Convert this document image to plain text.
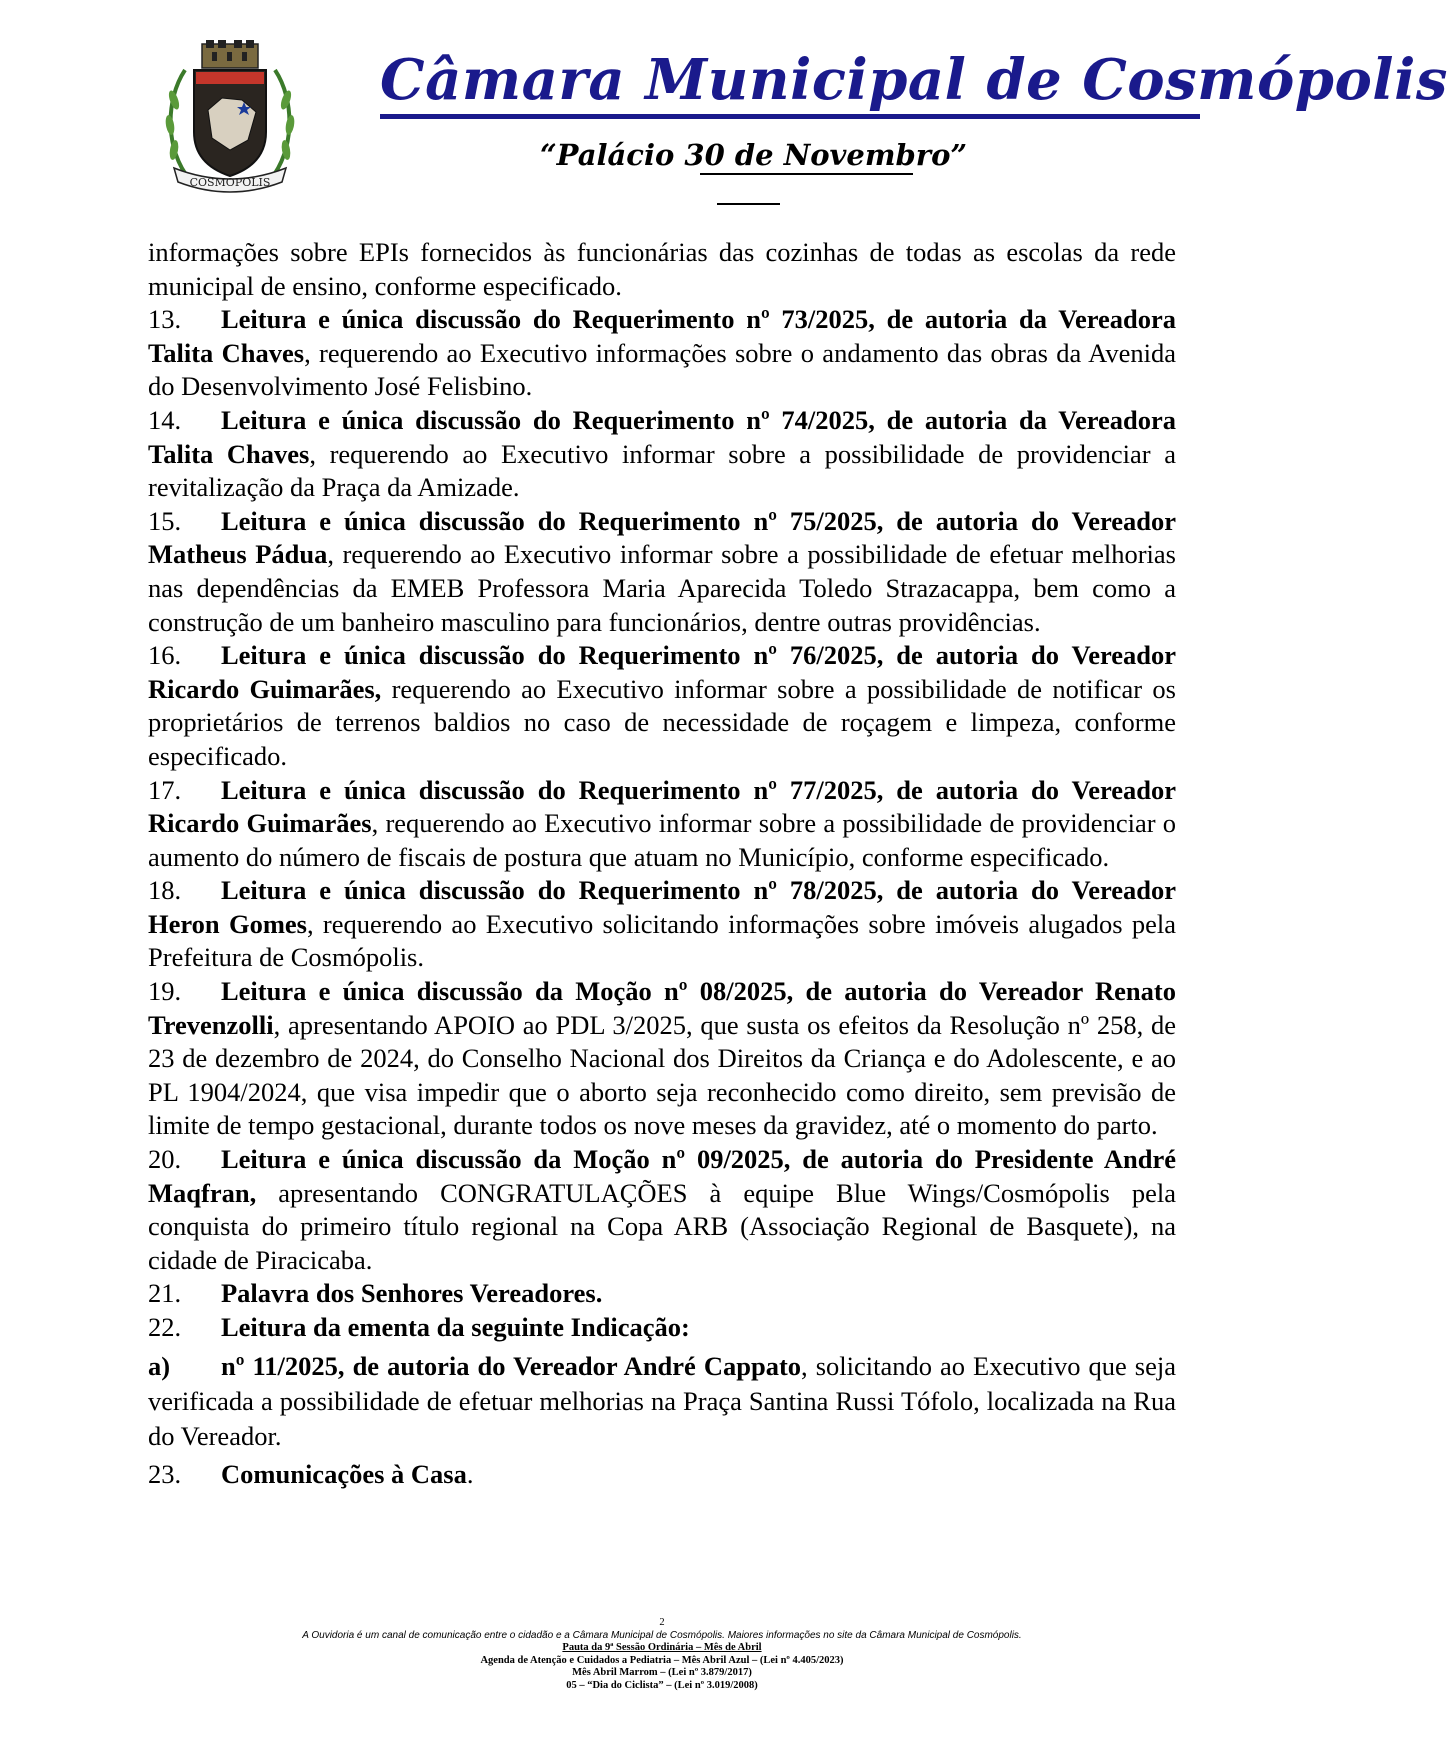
COSMÓPOLIS
Câmara Municipal de Cosmópolis
“Palácio 30 de Novembro”

informações sobre EPIs fornecidos às funcionárias das cozinhas de todas as escolas da rede municipal de ensino, conforme especificado.

13. Leitura e única discussão do Requerimento nº 73/2025, de autoria da Vereadora Talita Chaves, requerendo ao Executivo informações sobre o andamento das obras da Avenida do Desenvolvimento José Felisbino.

14. Leitura e única discussão do Requerimento nº 74/2025, de autoria da Vereadora Talita Chaves, requerendo ao Executivo informar sobre a possibilidade de providenciar a revitalização da Praça da Amizade.

15. Leitura e única discussão do Requerimento nº 75/2025, de autoria do Vereador Matheus Pádua, requerendo ao Executivo informar sobre a possibilidade de efetuar melhorias nas dependências da EMEB Professora Maria Aparecida Toledo Strazacappa, bem como a construção de um banheiro masculino para funcionários, dentre outras providências.

16. Leitura e única discussão do Requerimento nº 76/2025, de autoria do Vereador Ricardo Guimarães, requerendo ao Executivo informar sobre a possibilidade de notificar os proprietários de terrenos baldios no caso de necessidade de roçagem e limpeza, conforme especificado.

17. Leitura e única discussão do Requerimento nº 77/2025, de autoria do Vereador Ricardo Guimarães, requerendo ao Executivo informar sobre a possibilidade de providenciar o aumento do número de fiscais de postura que atuam no Município, conforme especificado.

18. Leitura e única discussão do Requerimento nº 78/2025, de autoria do Vereador Heron Gomes, requerendo ao Executivo solicitando informações sobre imóveis alugados pela Prefeitura de Cosmópolis.

19. Leitura e única discussão da Moção nº 08/2025, de autoria do Vereador Renato Trevenzolli, apresentando APOIO ao PDL 3/2025, que susta os efeitos da Resolução nº 258, de 23 de dezembro de 2024, do Conselho Nacional dos Direitos da Criança e do Adolescente, e ao PL 1904/2024, que visa impedir que o aborto seja reconhecido como direito, sem previsão de limite de tempo gestacional, durante todos os nove meses da gravidez, até o momento do parto.

20. Leitura e única discussão da Moção nº 09/2025, de autoria do Presidente André Maqfran, apresentando CONGRATULAÇÕES à equipe Blue Wings/Cosmópolis pela conquista do primeiro título regional na Copa ARB (Associação Regional de Basquete), na cidade de Piracicaba.

21. Palavra dos Senhores Vereadores.

22. Leitura da ementa da seguinte Indicação:

a) nº 11/2025, de autoria do Vereador André Cappato, solicitando ao Executivo que seja verificada a possibilidade de efetuar melhorias na Praça Santina Russi Tófolo, localizada na Rua do Vereador.

23. Comunicações à Casa.

2
A Ouvidoria é um canal de comunicação entre o cidadão e a Câmara Municipal de Cosmópolis. Maiores informações no site da Câmara Municipal de Cosmópolis.
Pauta da 9ª Sessão Ordinária – Mês de Abril
Agenda de Atenção e Cuidados a Pediatria – Mês Abril Azul – (Lei nº 4.405/2023)
Mês Abril Marrom – (Lei nº 3.879/2017)
05 – “Dia do Ciclista” – (Lei nº 3.019/2008)
